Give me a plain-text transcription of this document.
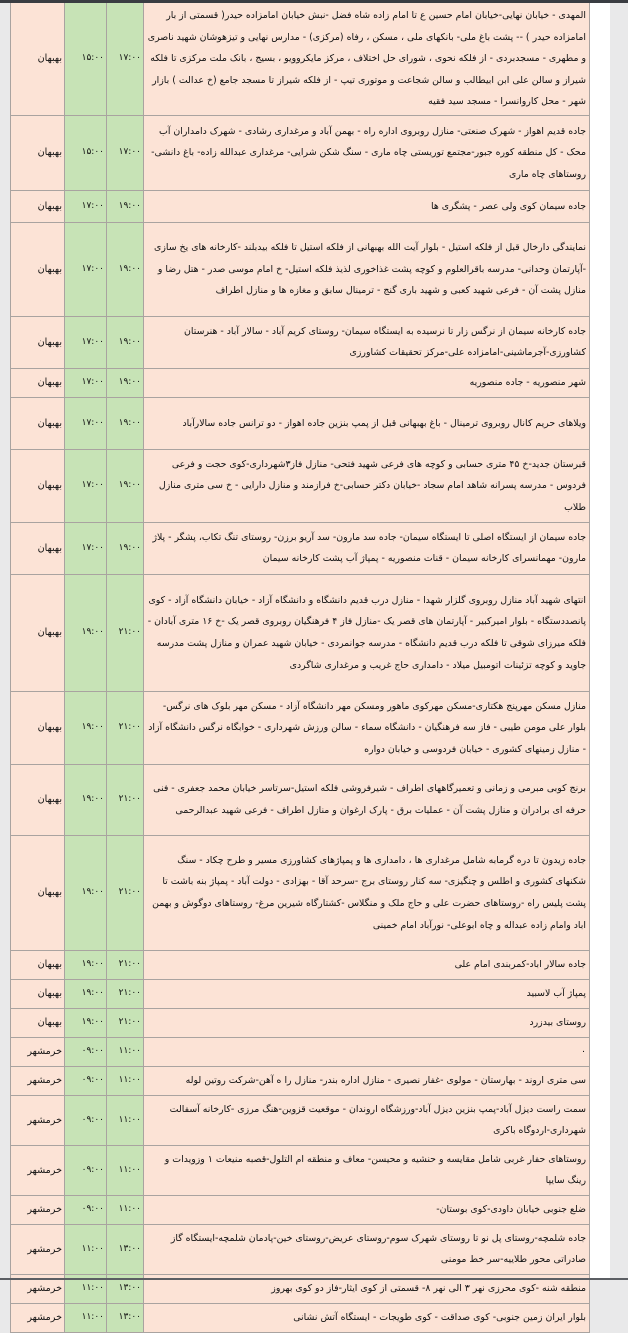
بهبهان	۱۵:۰۰	۱۷:۰۰	المهدی - خیابان نهایی-خیابان امام حسین ع تا امام زاده شاه فضل -نبش خیابان امامزاده حیدر( قسمتی از بار امامزاده حیدر ) -- پشت باغ ملی- بانکهای ملی ، مسکن ، رفاه (مرکزی) - مدارس نهایی و تیزهوشان شهید ناصری و مطهری - مسجدبردی - از فلکه نحوی ، شورای حل اختلاف ، مرکز مایکروویو ، بسیج ، بانک ملت مرکزی تا فلکه شیراز و سالن علی ابن ابیطالب و سالن شجاعت و موتوری تیپ - از فلکه شیراز تا مسجد جامع (خ عدالت ) بازار شهر - محل کاروانسرا - مسجد سید فقیه
بهبهان	۱۵:۰۰	۱۷:۰۰	جاده قدیم اهواز - شهرک صنعتی- منازل روبروی اداره راه - بهمن آباد و مرغداری رشادی - شهرک دامداران آب محک - کل منطقه کوره جبور-مجتمع توریستی چاه ماری - سنگ شکن شرایی- مرغداری عبدالله زاده- باغ دانشی- روستاهای چاه ماری
بهبهان	۱۷:۰۰	۱۹:۰۰	جاده سیمان کوی ولی عصر - پشگری ها
بهبهان	۱۷:۰۰	۱۹:۰۰	نمایندگی دارخال قبل از فلکه استیل - بلوار آیت الله بهبهانی از فلکه استیل تا فلکه بیدبلند -کارخانه های یخ سازی -آپارتمان وحدانی- مدرسه باقرالعلوم و کوچه پشت غذاخوری لذیذ فلکه استیل- خ امام موسی صدر - هتل رضا و منازل پشت آن - فرعی شهید کعبی و شهید باری گنج - ترمینال سابق و مغازه ها و منازل اطراف
بهبهان	۱۷:۰۰	۱۹:۰۰	جاده کارخانه سیمان از نرگس زار تا نرسیده به ایستگاه سیمان- روستای کریم آباد - سالار آباد - هنرستان کشاورزی-آجرماشینی-امامزاده علی-مرکز تحقیقات کشاورزی
بهبهان	۱۷:۰۰	۱۹:۰۰	شهر منصوریه - جاده منصوریه
بهبهان	۱۷:۰۰	۱۹:۰۰	ویلاهای حریم کانال روبروی ترمینال - باغ بهبهانی قبل از پمپ بنزین جاده اهواز - دو ترانس جاده سالارآباد
بهبهان	۱۷:۰۰	۱۹:۰۰	قبرستان جدید-خ ۴۵ متری حسابی و کوچه های فرعی شهید فتحی- منازل فاز۳شهرداری-کوی حجت و فرعی فردوس - مدرسه پسرانه شاهد امام سجاد -خیابان دکتر حسابی-خ فرازمند و منازل دارایی - خ سی متری منازل طلاب
بهبهان	۱۷:۰۰	۱۹:۰۰	جاده سیمان از ایستگاه اصلی تا ایستگاه سیمان- جاده سد مارون- سد آریو برزن- روستای تنگ تکاب، پشگر - پلاژ مارون- مهمانسرای کارخانه سیمان - قنات منصوریه - پمپاژ آب پشت کارخانه سیمان
بهبهان	۱۹:۰۰	۲۱:۰۰	انتهای شهید آباد منازل روبروی گلزار شهدا - منازل درب قدیم دانشگاه و دانشگاه آزاد - خیابان دانشگاه آزاد - کوی پانصددستگاه - بلوار امیرکبیر - آپارتمان های قصر یک -منازل فاز ۴ فرهنگیان روبروی قصر یک -خ ۱۶ متری آبادان - فلکه میرزای شوقی تا فلکه درب قدیم دانشگاه - مدرسه جوانمردی - خیابان شهید عمران و منازل پشت مدرسه جاوید و کوچه تزئینات اتومبیل میلاد - دامداری حاج غریب و مرغداری شاگردی
بهبهان	۱۹:۰۰	۲۱:۰۰	منازل مسکن مهرپنج هکتاری-مسکن مهرکوی ماهور ومسکن مهر دانشگاه آزاد - مسکن مهر بلوک های نرگس- بلوار علی مومن طیبی - فاز سه فرهنگیان - دانشگاه سماء - سالن ورزش شهرداری - خوابگاه نرگس دانشگاه آزاد - منازل زمینهای کشوری - خیابان فردوسی و خیابان دواره
بهبهان	۱۹:۰۰	۲۱:۰۰	برنج کوبی مبرمی و زمانی و تعمیرگاههای اطراف - شیرفروشی فلکه استیل-سرتاسر خیابان محمد جعفری - فنی حرفه ای برادران و منازل پشت آن - عملیات برق - پارک ارغوان و منازل اطراف - فرعی شهید عبدالرحمی
بهبهان	۱۹:۰۰	۲۱:۰۰	جاده زیدون تا دره گرمابه شامل مرغداری ها ، دامداری ها و پمپاژهای کشاورزی مسیر و طرح چکاد - سنگ شکنهای کشوری و اطلس و چنگیزی- سه کنار روستای برج -سرحد آقا - بهزادی - دولت آباد - پمپاژ بنه باشت تا پشت پلیس راه -روستاهای حضرت علی و حاج ملک و منگلاس -کشتارگاه شیرین مرغ- روستاهای دوگوش و بهمن اباد وامام زاده عبداله و چاه ابوعلی- نورآباد امام خمینی
بهبهان	۱۹:۰۰	۲۱:۰۰	جاده سالار اباد-کمربندی امام علی
بهبهان	۱۹:۰۰	۲۱:۰۰	پمپاژ آب لاسبید
بهبهان	۱۹:۰۰	۲۱:۰۰	روستای بیدزرد
خرمشهر	۰۹:۰۰	۱۱:۰۰	۰
خرمشهر	۰۹:۰۰	۱۱:۰۰	سی متری اروند - بهارستان - مولوی -غفار نصیری - منازل اداره بندر- منازل را ه آهن-شرکت روتین لوله
خرمشهر	۰۹:۰۰	۱۱:۰۰	سمت راست دیزل آباد-پمپ بنزین دیزل آباد-ورزشگاه اروندان - موقعیت قزوین-هنگ مرزی -کارخانه آسفالت شهرداری-اردوگاه باکری
خرمشهر	۰۹:۰۰	۱۱:۰۰	روستاهای حفار غربی شامل مقایسه و حنشیه و محیسن- معاف و منطقه ام التلول-قصبه منیعات ۱ وزویدات و رینگ سایپا
خرمشهر	۰۹:۰۰	۱۱:۰۰	ضلع جنوبی خیابان داودی-کوی بوستان-
خرمشهر	۱۱:۰۰	۱۳:۰۰	جاده شلمچه-روستای پل نو تا روستای شهرک سوم-روستای عریض-روستای خین-پادمان شلمچه-ایستگاه گاز صادراتی محور طلاییه-سر خط مومنی
خرمشهر	۱۱:۰۰	۱۳:۰۰	منطقه شنه -کوی محرزی نهر ۳ الی نهر ۸- قسمتی از کوی ایثار-فاز دو کوی بهروز
خرمشهر	۱۱:۰۰	۱۳:۰۰	بلوار ایران زمین جنوبی- کوی صداقت - کوی طویجات - ایستگاه آتش نشانی
